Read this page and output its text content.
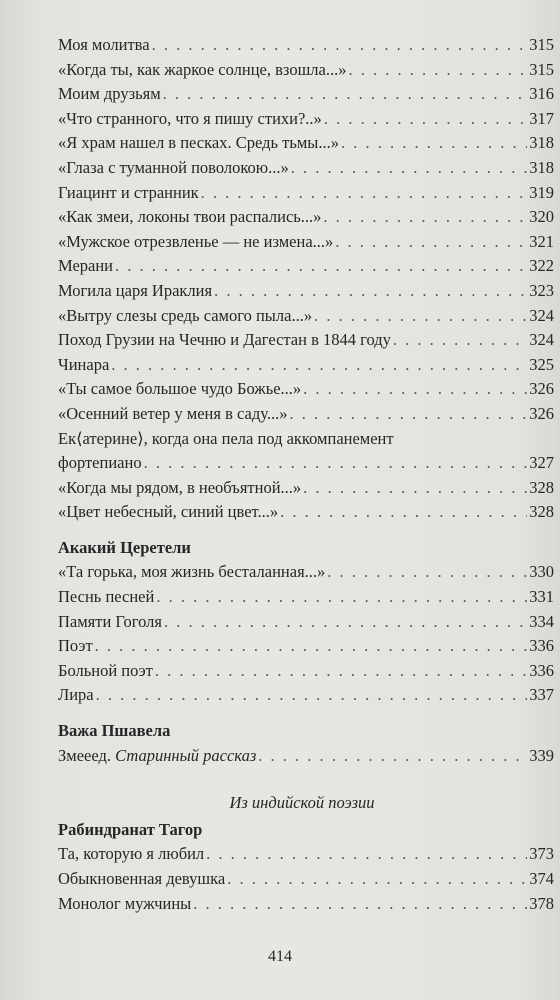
Моя молитва . . .	315
«Когда ты, как жаркое солнце, взошла...» . . .	315
Моим друзьям . . .	316
«Что странного, что я пишу стихи?..» . . .	317
«Я храм нашел в песках. Средь тьмы...» . . .	318
«Глаза с туманной поволокою...» . . .	318
Гиацинт и странник . . .	319
«Как змеи, локоны твои распались...» . . .	320
«Мужское отрезвленье — не измена...» . . .	321
Мерани . . .	322
Могила царя Ираклия . . .	323
«Вытру слезы средь самого пыла...» . . .	324
Поход Грузии на Чечню и Дагестан в 1844 году . . .	324
Чинара . . .	325
«Ты самое большое чудо Божье...» . . .	326
«Осенний ветер у меня в саду...» . . .	326
Ек⟨атерине⟩, когда она пела под аккомпанемент
фортепиано . . .	327
«Когда мы рядом, в необъятной...» . . .	328
«Цвет небесный, синий цвет...» . . .	328
Акакий Церетели
«Та горька, моя жизнь бесталанная...» . . .	330
Песнь песней . . .	331
Памяти Гоголя . . .	334
Поэт . . .	336
Больной поэт . . .	336
Лира . . .	337
Важа Пшавела
Змееед. Старинный рассказ . . .	339
Из индийской поэзии
Рабиндранат Тагор
Та, которую я любил . . .	373
Обыкновенная девушка . . .	374
Монолог мужчины . . .	378
414
